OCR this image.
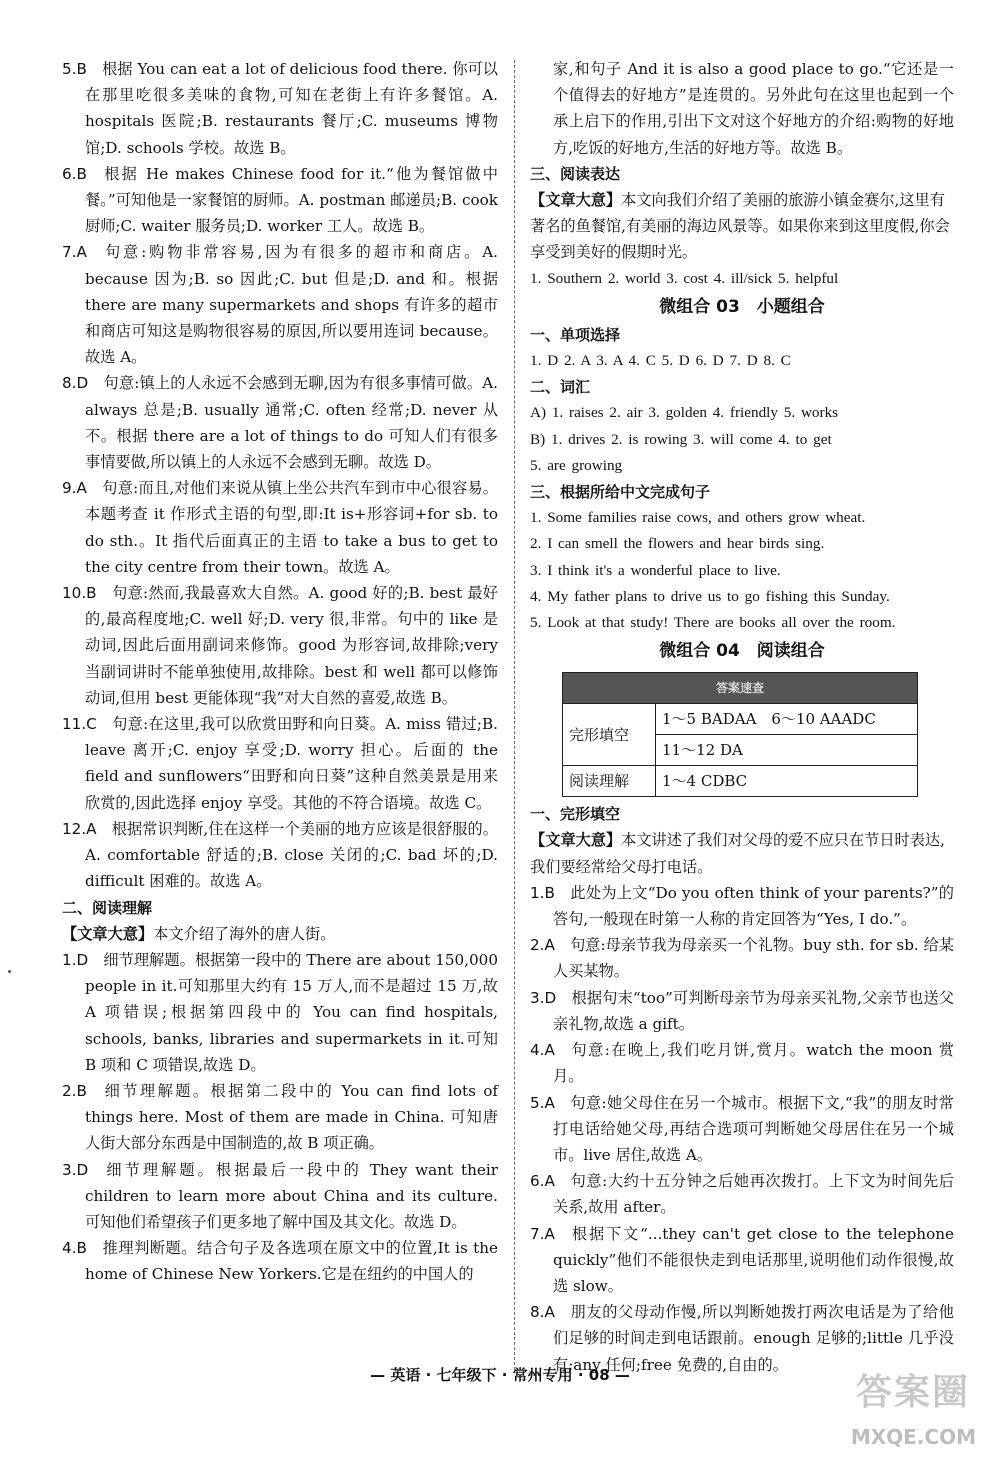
5.B  根据 You can eat a lot of delicious food there. 你可以在那里吃很多美味的食物,可知在老街上有许多餐馆。A. hospitals 医院;B. restaurants 餐厅;C. museums 博物馆;D. schools 学校。故选 B。
6.B  根据 He makes Chinese food for it.“他为餐馆做中餐。”可知他是一家餐馆的厨师。A. postman 邮递员;B. cook 厨师;C. waiter 服务员;D. worker 工人。故选 B。
7.A  句意:购物非常容易,因为有很多的超市和商店。A. because 因为;B. so 因此;C. but 但是;D. and 和。根据 there are many supermarkets and shops 有许多的超市和商店可知这是购物很容易的原因,所以要用连词 because。故选 A。
8.D  句意:镇上的人永远不会感到无聊,因为有很多事情可做。A. always 总是;B. usually 通常;C. often 经常;D. never 从不。根据 there are a lot of things to do 可知人们有很多事情要做,所以镇上的人永远不会感到无聊。故选 D。
9.A  句意:而且,对他们来说从镇上坐公共汽车到市中心很容易。本题考查 it 作形式主语的句型,即:It is+形容词+for sb. to do sth.。It 指代后面真正的主语 to take a bus to get to the city centre from their town。故选 A。
10.B  句意:然而,我最喜欢大自然。A. good 好的;B. best 最好的,最高程度地;C. well 好;D. very 很,非常。句中的 like 是动词,因此后面用副词来修饰。good 为形容词,故排除;very 当副词讲时不能单独使用,故排除。best 和 well 都可以修饰动词,但用 best 更能体现“我”对大自然的喜爱,故选 B。
11.C  句意:在这里,我可以欣赏田野和向日葵。A. miss 错过;B. leave 离开;C. enjoy 享受;D. worry 担心。后面的 the field and sunflowers“田野和向日葵”这种自然美景是用来欣赏的,因此选择 enjoy 享受。其他的不符合语境。故选 C。
12.A  根据常识判断,住在这样一个美丽的地方应该是很舒服的。A. comfortable 舒适的;B. close 关闭的;C. bad 坏的;D. difficult 困难的。故选 A。
二、阅读理解
【文章大意】本文介绍了海外的唐人街。
1.D  细节理解题。根据第一段中的 There are about 150,000 people in it.可知那里大约有 15 万人,而不是超过 15 万,故 A 项错误;根据第四段中的 You can find hospitals, schools, banks, libraries and supermarkets in it.可知 B 项和 C 项错误,故选 D。
2.B  细节理解题。根据第二段中的 You can find lots of things here. Most of them are made in China. 可知唐人街大部分东西是中国制造的,故 B 项正确。
3.D  细节理解题。根据最后一段中的 They want their children to learn more about China and its culture. 可知他们希望孩子们更多地了解中国及其文化。故选 D。
4.B  推理判断题。结合句子及各选项在原文中的位置,It is the home of Chinese New Yorkers.它是在纽约的中国人的
家,和句子 And it is also a good place to go.“它还是一个值得去的好地方”是连贯的。另外此句在这里也起到一个承上启下的作用,引出下文对这个好地方的介绍:购物的好地方,吃饭的好地方,生活的好地方等。故选 B。
三、阅读表达
【文章大意】本文向我们介绍了美丽的旅游小镇金赛尔,这里有著名的鱼餐馆,有美丽的海边风景等。如果你来到这里度假,你会享受到美好的假期时光。
1. Southern 2. world 3. cost 4. ill/sick 5. helpful
微组合 03　小题组合
一、单项选择
1. D 2. A 3. A 4. C 5. D 6. D 7. D 8. C
二、词汇
A) 1. raises 2. air 3. golden 4. friendly 5. works
B) 1. drives 2. is rowing 3. will come 4. to get
5. are growing
三、根据所给中文完成句子
1. Some families raise cows, and others grow wheat.
2. I can smell the flowers and hear birds sing.
3. I think it's a wonderful place to live.
4. My father plans to drive us to go fishing this Sunday.
5. Look at that study! There are books all over the room.
微组合 04　阅读组合
答案速查	
完形填空	1～5 BADAA　6～10 AAADC
	11～12 DA
阅读理解	1～4 CDBC
一、完形填空
【文章大意】本文讲述了我们对父母的爱不应只在节日时表达,我们要经常给父母打电话。
1.B  此处为上文“Do you often think of your parents?”的答句,一般现在时第一人称的肯定回答为“Yes, I do.”。
2.A  句意:母亲节我为母亲买一个礼物。buy sth. for sb. 给某人买某物。
3.D  根据句末“too”可判断母亲节为母亲买礼物,父亲节也送父亲礼物,故选 a gift。
4.A  句意:在晚上,我们吃月饼,赏月。watch the moon 赏月。
5.A  句意:她父母住在另一个城市。根据下文,“我”的朋友时常打电话给她父母,再结合选项可判断她父母居住在另一个城市。live 居住,故选 A。
6.A  句意:大约十五分钟之后她再次拨打。上下文为时间先后关系,故用 after。
7.A  根据下文“...they can't get close to the telephone quickly”他们不能很快走到电话那里,说明他们动作很慢,故选 slow。
8.A  朋友的父母动作慢,所以判断她拨打两次电话是为了给他们足够的时间走到电话跟前。enough 足够的;little 几乎没有;any 任何;free 免费的,自由的。
— 英语 · 七年级下 · 常州专用 · 08 —	答案圈
MXQE.COM
